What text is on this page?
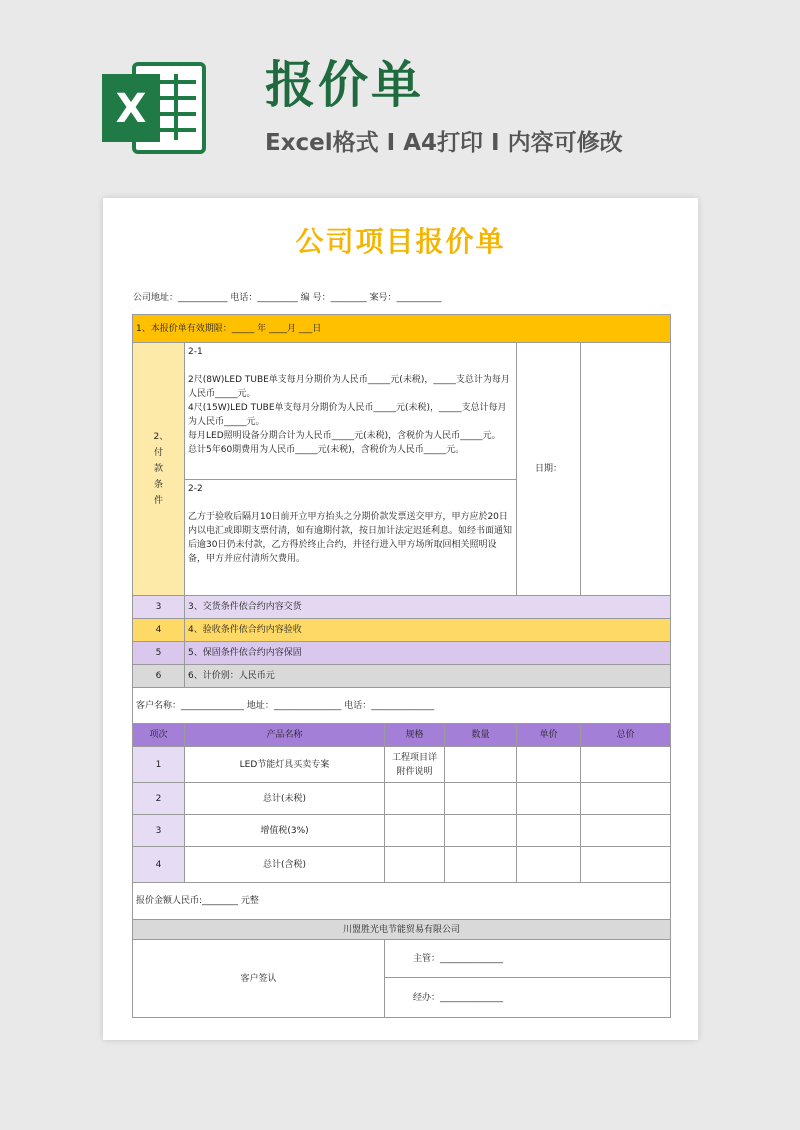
X 报价单
Excel格式 I A4打印 I 内容可修改
公司项目报价单
公司地址：___________ 电话：_________ 编 号：________ 案号：__________
1、本报价单有效期限：_____ 年 ____月 ___日					

2、付款条件	2-1

2尺(8W)LED TUBE单支每月分期价为人民币_____元(未税)，_____支总计为每月人民币_____元。

4尺(15W)LED TUBE单支每月分期价为人民币_____元(未税)，_____支总计每月为人民币_____元。

每月LED照明设备分期合计为人民币_____元(未税)，含税价为人民币_____元。

总计5年60期费用为人民币_____元(未税)，含税价为人民币_____元。			日期：	

	2-2

乙方于验收后隔月10日前开立甲方抬头之分期价款发票送交甲方，甲方应於20日内以电汇或即期支票付清，如有逾期付款，按日加计法定迟延利息。如经书面通知后逾30日仍未付款，乙方得於终止合约，并径行进入甲方场所取回相关照明设备，甲方并应付清所欠费用。				

3	3、交货条件依合约内容交货				
4	4、验收条件依合约内容验收				
5	5、保固条件依合约内容保固				
6	6、计价别：人民币元				
客户名称：______________ 地址：_______________ 电话：______________					
项次	产品名称	规格	数量	单价	总价
1	LED节能灯具买卖专案	工程项目详附件说明			
2	总计(未税)				
3	增值税(3%)				
4	总计(含税)				
报价金额人民币:________ 元整					
川盟胜光电节能贸易有限公司					
客户签认		主管：______________			
		经办：______________			
